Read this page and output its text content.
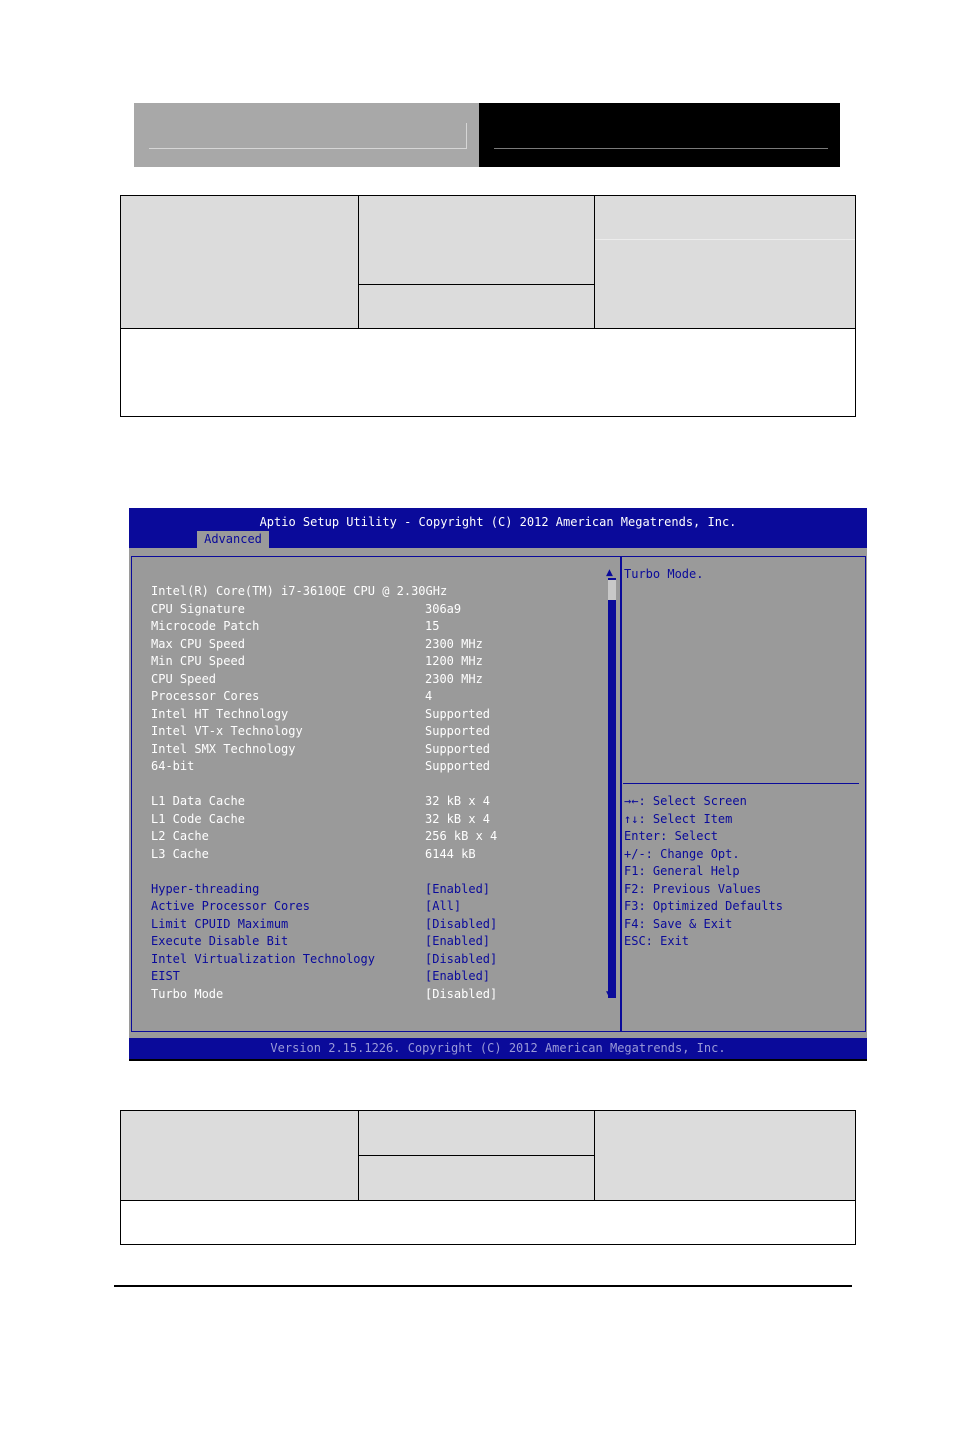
Aptio Setup Utility - Copyright (C) 2012 American Megatrends, Inc.
Advanced
▲
▼
Intel(R) Core(TM) i7-3610QE CPU @ 2.30GHz
CPU Signature	306a9
Microcode Patch	15
Max CPU Speed	2300 MHz
Min CPU Speed	1200 MHz
CPU Speed	2300 MHz
Processor Cores	4
Intel HT Technology	Supported
Intel VT-x Technology	Supported
Intel SMX Technology	Supported
64-bit	Supported
L1 Data Cache	32 kB x 4
L1 Code Cache	32 kB x 4
L2 Cache	256 kB x 4
L3 Cache	6144 kB
Hyper-threading	[Enabled]
Active Processor Cores	[All]
Limit CPUID Maximum	[Disabled]
Execute Disable Bit	[Enabled]
Intel Virtualization Technology	[Disabled]
EIST	[Enabled]
Turbo Mode	[Disabled]
Turbo Mode.
→←: Select Screen
↑↓: Select Item
Enter: Select
+/-: Change Opt.
F1: General Help
F2: Previous Values
F3: Optimized Defaults
F4: Save & Exit
ESC: Exit
Version 2.15.1226. Copyright (C) 2012 American Megatrends, Inc.
